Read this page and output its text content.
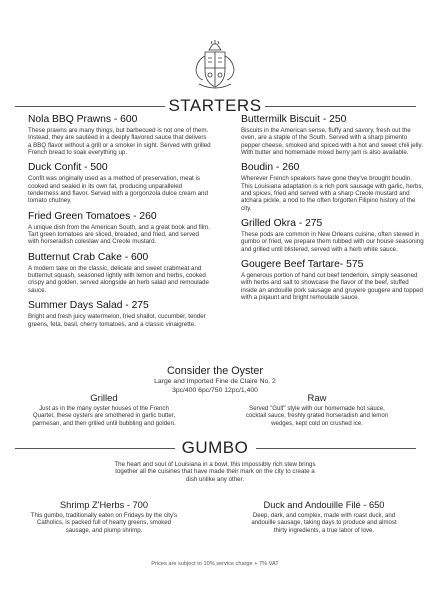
STARTERS
Nola BBQ Prawns - 600

These prawns are many things, but barbecued is not one of them. Instead, they are sautéed in a deeply flavored sauce that delivers a BBQ flavor without a grill or a smoker in sight. Served with grilled French bread to soak everything up.

Duck Confit - 500

Confit was originally used as a method of preservation, meat is cooked and sealed in its own fat, producing unparalleled tenderness and flavor. Served with a gorgonzola dulce cream and tomato chutney.

Fried Green Tomatoes - 260

A unique dish from the American South, and a great book and film. Tart green tomatoes are sliced, breaded, and fried, and served with horseradish coleslaw and Creole mustard.

Butternut Crab Cake - 600

A modern take on the classic, delicate and sweet crabmeat and butternut squash, seasoned lightly with lemon and herbs, cooked crispy and golden, served alongside an herb salad and remoulade sauce.

Summer Days Salad - 275

Bright and fresh juicy watermelon, fried shallot, cucumber, tender greens, feta, basil, cherry tomatoes, and a classic vinaigrette.

Buttermilk Biscuit - 250

Biscuits in the American sense, fluffy and savory, fresh out the oven, are a staple of the South. Served with a sharp pimento pepper cheese, smoked and spiced with a hot and sweet chili jelly. With butter and homemade mixed berry jam is also available.

Boudin - 260

Wherever French speakers have gone they've brought boudin. This Louisiana adaptation is a rich pork sausage with garlic, herbs, and spices, fried and served with a sharp Creole mustard and atchara pickle, a nod to the often forgotten Filipino history of the city.

Grilled Okra - 275

These pods are common in New Orleans cuisine, often stewed in gumbo or fried, we prepare them rubbed with our house seasoning and grilled until blistered, served with a herb white sauce.

Gougere Beef Tartare- 575

A generous portion of hand cut beef tenderloin, simply seasoned with herbs and salt to showcase the flavor of the beef, stuffed inside an andouille pork sausage and gruyere gougere and topped with a piqaunt and bright remoulade sauce.

Consider the Oyster
Large and Imported Fine de Claire No. 2
3pc/400 6pc/750 12pc/1,400
Grilled

Just as in the many oyster houses of the French Quarter, these oysters are smothered in garlic butter, parmesan, and then grilled until bubbling and golden.

Raw

Served "Gulf" style with our homemade hot sauce, cocktail sauce, freshly grated horseradish and lemon wedges, kept cold on crushed ice.

GUMBO
The heart and soul of Louisiana in a bowl, this impossibly rich stew brings together all the cuisines that have made their mark on the city to create a dish unlike any other.
Shrimp Z'Herbs - 700

This gumbo, traditionally eaten on Fridays by the city's Catholics, is packed full of hearty greens, smoked sausage, and plump shrimp.

Duck and Andouille Filé - 650

Deep, dark, and complex, made with roast duck, and andouille sausage, taking days to produce and almost thirty ingredients, a true labor of love.

Prices are subject to 10% service charge + 7% VAT
